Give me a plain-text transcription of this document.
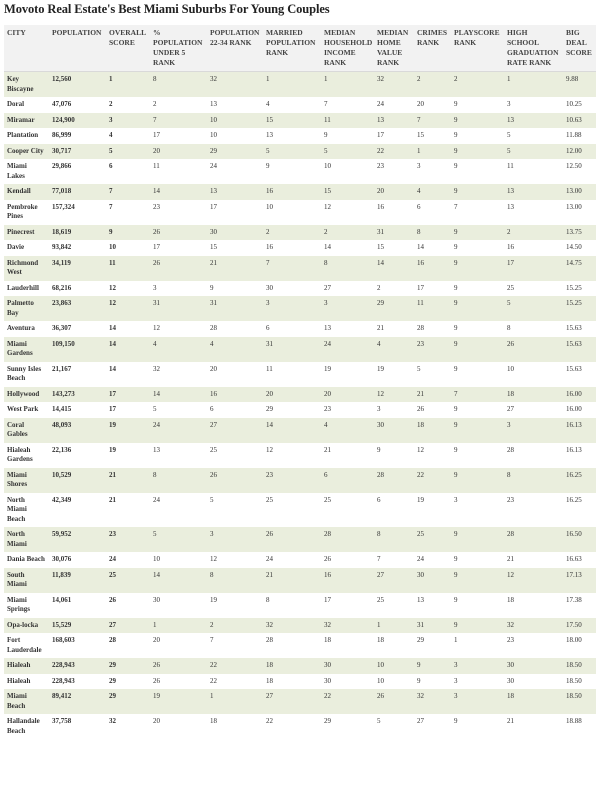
Movoto Real Estate's Best Miami Suburbs For Young Couples
CITY	POPULATION	OVERALL SCORE	% POPULATION UNDER 5 RANK	POPULATION 22-34 RANK	MARRIED POPULATION RANK	MEDIAN HOUSEHOLD INCOME RANK	MEDIAN HOME VALUE RANK	CRIMES RANK	PLAYSCORE RANK	HIGH SCHOOL GRADUATION RATE RANK	BIG DEAL SCORE
Key Biscayne	12,560	1	8	32	1	1	32	2	2	1	9.88
Doral	47,076	2	2	13	4	7	24	20	9	3	10.25
Miramar	124,900	3	7	10	15	11	13	7	9	13	10.63
Plantation	86,999	4	17	10	13	9	17	15	9	5	11.88
Cooper City	30,717	5	20	29	5	5	22	1	9	5	12.00
Miami Lakes	29,866	6	11	24	9	10	23	3	9	11	12.50
Kendall	77,018	7	14	13	16	15	20	4	9	13	13.00
Pembroke Pines	157,324	7	23	17	10	12	16	6	7	13	13.00
Pinecrest	18,619	9	26	30	2	2	31	8	9	2	13.75
Davie	93,842	10	17	15	16	14	15	14	9	16	14.50
Richmond West	34,119	11	26	21	7	8	14	16	9	17	14.75
Lauderhill	68,216	12	3	9	30	27	2	17	9	25	15.25
Palmetto Bay	23,863	12	31	31	3	3	29	11	9	5	15.25
Aventura	36,307	14	12	28	6	13	21	28	9	8	15.63
Miami Gardens	109,150	14	4	4	31	24	4	23	9	26	15.63
Sunny Isles Beach	21,167	14	32	20	11	19	19	5	9	10	15.63
Hollywood	143,273	17	14	16	20	20	12	21	7	18	16.00
West Park	14,415	17	5	6	29	23	3	26	9	27	16.00
Coral Gables	48,093	19	24	27	14	4	30	18	9	3	16.13
Hialeah Gardens	22,136	19	13	25	12	21	9	12	9	28	16.13
Miami Shores	10,529	21	8	26	23	6	28	22	9	8	16.25
North Miami Beach	42,349	21	24	5	25	25	6	19	3	23	16.25
North Miami	59,952	23	5	3	26	28	8	25	9	28	16.50
Dania Beach	30,076	24	10	12	24	26	7	24	9	21	16.63
South Miami	11,839	25	14	8	21	16	27	30	9	12	17.13
Miami Springs	14,061	26	30	19	8	17	25	13	9	18	17.38
Opa-locka	15,529	27	1	2	32	32	1	31	9	32	17.50
Fort Lauderdale	168,603	28	20	7	28	18	18	29	1	23	18.00
Hialeah	228,943	29	26	22	18	30	10	9	3	30	18.50
Hialeah	228,943	29	26	22	18	30	10	9	3	30	18.50
Miami Beach	89,412	29	19	1	27	22	26	32	3	18	18.50
Hallandale Beach	37,758	32	20	18	22	29	5	27	9	21	18.88
